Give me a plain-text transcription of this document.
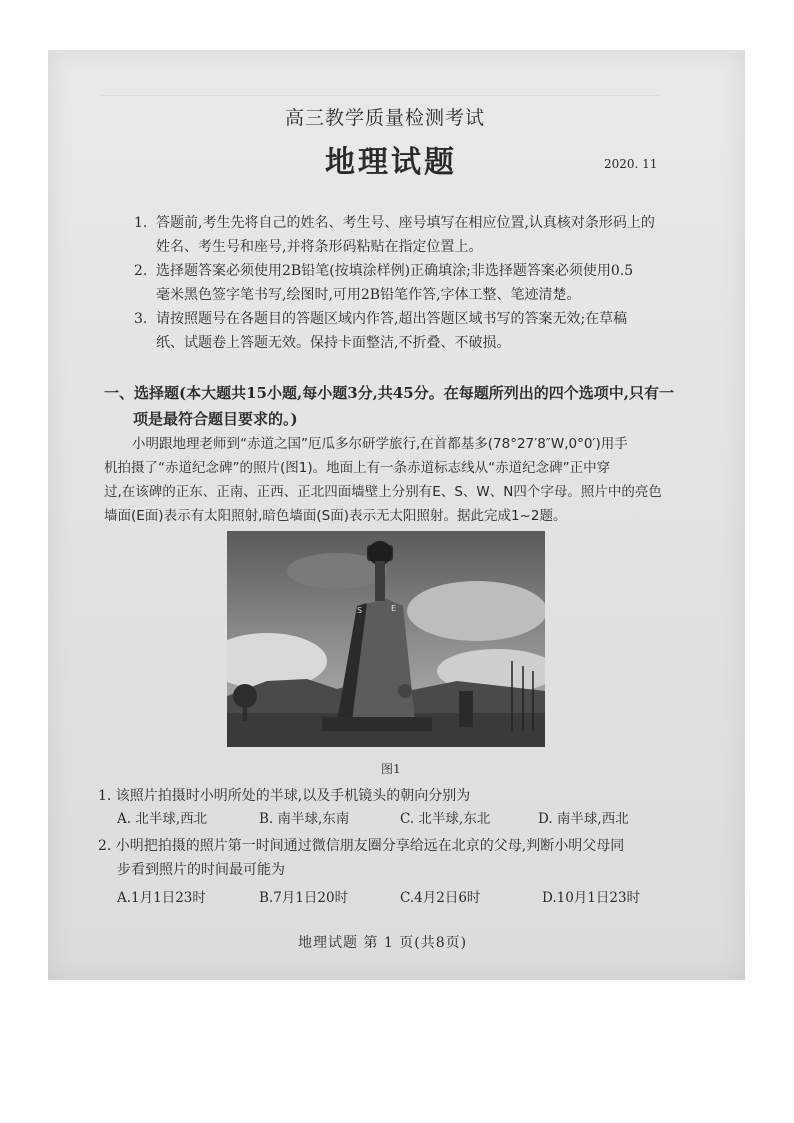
高三教学质量检测考试
地理试题	2020. 11
1. 答题前,考生先将自己的姓名、考生号、座号填写在相应位置,认真核对条形码上的
姓名、考生号和座号,并将条形码粘贴在指定位置上。
2. 选择题答案必须使用2B铅笔(按填涂样例)正确填涂;非选择题答案必须使用0.5
毫米黑色签字笔书写,绘图时,可用2B铅笔作答,字体工整、笔迹清楚。
3. 请按照题号在各题目的答题区域内作答,超出答题区域书写的答案无效;在草稿
纸、试题卷上答题无效。保持卡面整洁,不折叠、不破损。
一、选择题(本大题共15小题,每小题3分,共45分。在每题所列出的四个选项中,只有一
项是最符合题目要求的。)
小明跟地理老师到“赤道之国”厄瓜多尔研学旅行,在首都基多(78°27′8″W,0°0′)用手
机拍摄了“赤道纪念碑”的照片(图1)。地面上有一条赤道标志线从“赤道纪念碑”正中穿
过,在该碑的正东、正南、正西、正北四面墙壁上分别有E、S、W、N四个字母。照片中的亮色
墙面(E面)表示有太阳照射,暗色墙面(S面)表示无太阳照射。据此完成1~2题。
S	E
图1
1. 该照片拍摄时小明所处的半球,以及手机镜头的朝向分别为
A. 北半球,西北	B. 南半球,东南	C. 北半球,东北	D. 南半球,西北
2. 小明把拍摄的照片第一时间通过微信朋友圈分享给远在北京的父母,判断小明父母同
步看到照片的时间最可能为
A.1月1日23时	B.7月1日20时	C.4月2日6时	D.10月1日23时
地理试题 第 1 页(共8页)
